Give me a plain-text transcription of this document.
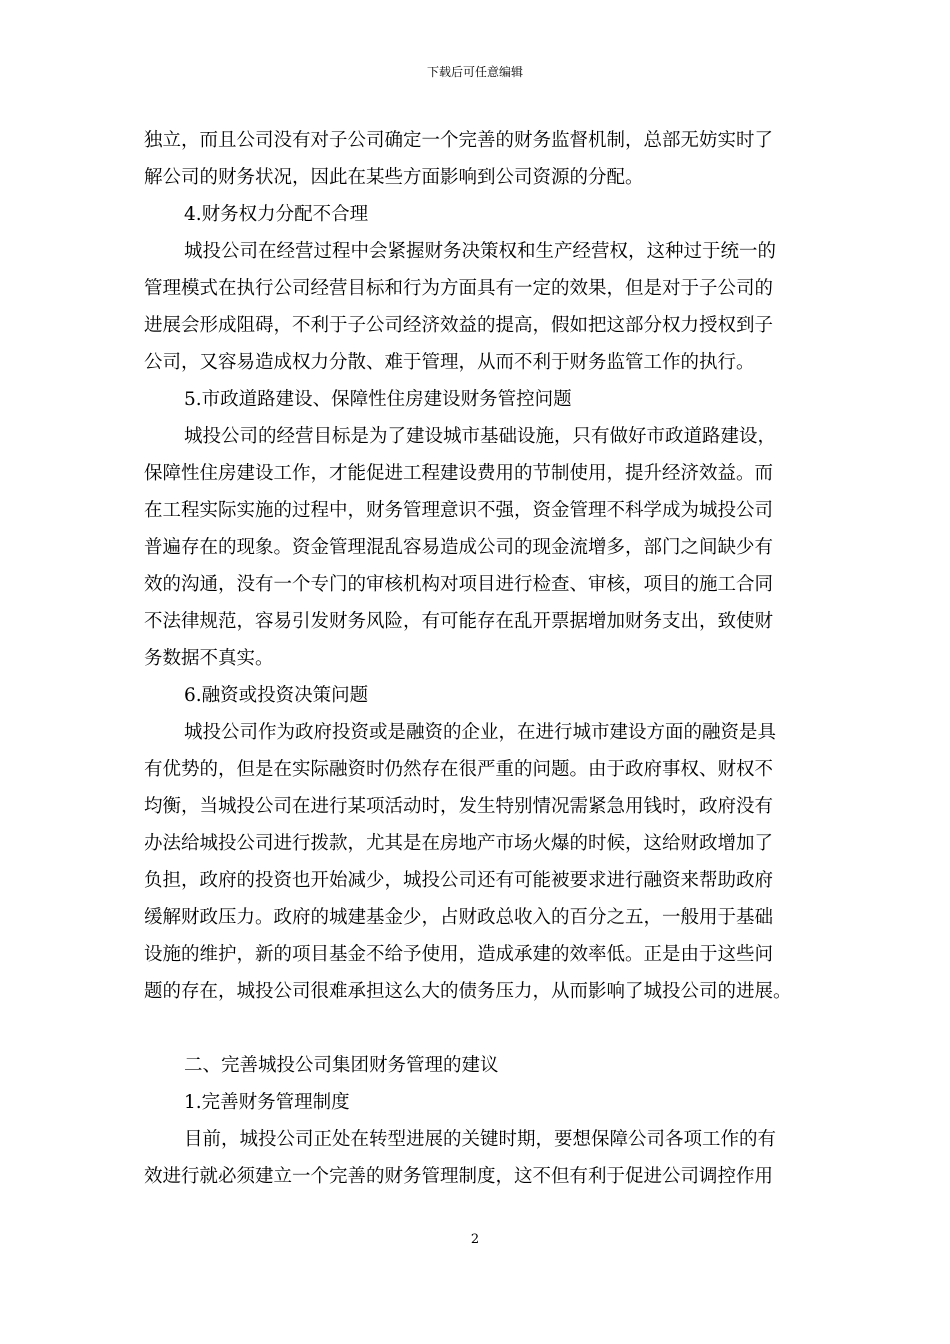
下载后可任意编辑
独立，而且公司没有对子公司确定一个完善的财务监督机制，总部无妨实时了
解公司的财务状况，因此在某些方面影响到公司资源的分配。
4.财务权力分配不合理
城投公司在经营过程中会紧握财务决策权和生产经营权，这种过于统一的
管理模式在执行公司经营目标和行为方面具有一定的效果，但是对于子公司的
进展会形成阻碍，不利于子公司经济效益的提高，假如把这部分权力授权到子
公司，又容易造成权力分散、难于管理，从而不利于财务监管工作的执行。
5.市政道路建设、保障性住房建设财务管控问题
城投公司的经营目标是为了建设城市基础设施，只有做好市政道路建设，
保障性住房建设工作，才能促进工程建设费用的节制使用，提升经济效益。而
在工程实际实施的过程中，财务管理意识不强，资金管理不科学成为城投公司
普遍存在的现象。资金管理混乱容易造成公司的现金流增多，部门之间缺少有
效的沟通，没有一个专门的审核机构对项目进行检查、审核，项目的施工合同
不法律规范，容易引发财务风险，有可能存在乱开票据增加财务支出，致使财
务数据不真实。
6.融资或投资决策问题
城投公司作为政府投资或是融资的企业，在进行城市建设方面的融资是具
有优势的，但是在实际融资时仍然存在很严重的问题。由于政府事权、财权不
均衡，当城投公司在进行某项活动时，发生特别情况需紧急用钱时，政府没有
办法给城投公司进行拨款，尤其是在房地产市场火爆的时候，这给财政增加了
负担，政府的投资也开始减少，城投公司还有可能被要求进行融资来帮助政府
缓解财政压力。政府的城建基金少，占财政总收入的百分之五，一般用于基础
设施的维护，新的项目基金不给予使用，造成承建的效率低。正是由于这些问
题的存在，城投公司很难承担这么大的债务压力，从而影响了城投公司的进展。
二、完善城投公司集团财务管理的建议
1.完善财务管理制度
目前，城投公司正处在转型进展的关键时期，要想保障公司各项工作的有
效进行就必须建立一个完善的财务管理制度，这不但有利于促进公司调控作用
2
